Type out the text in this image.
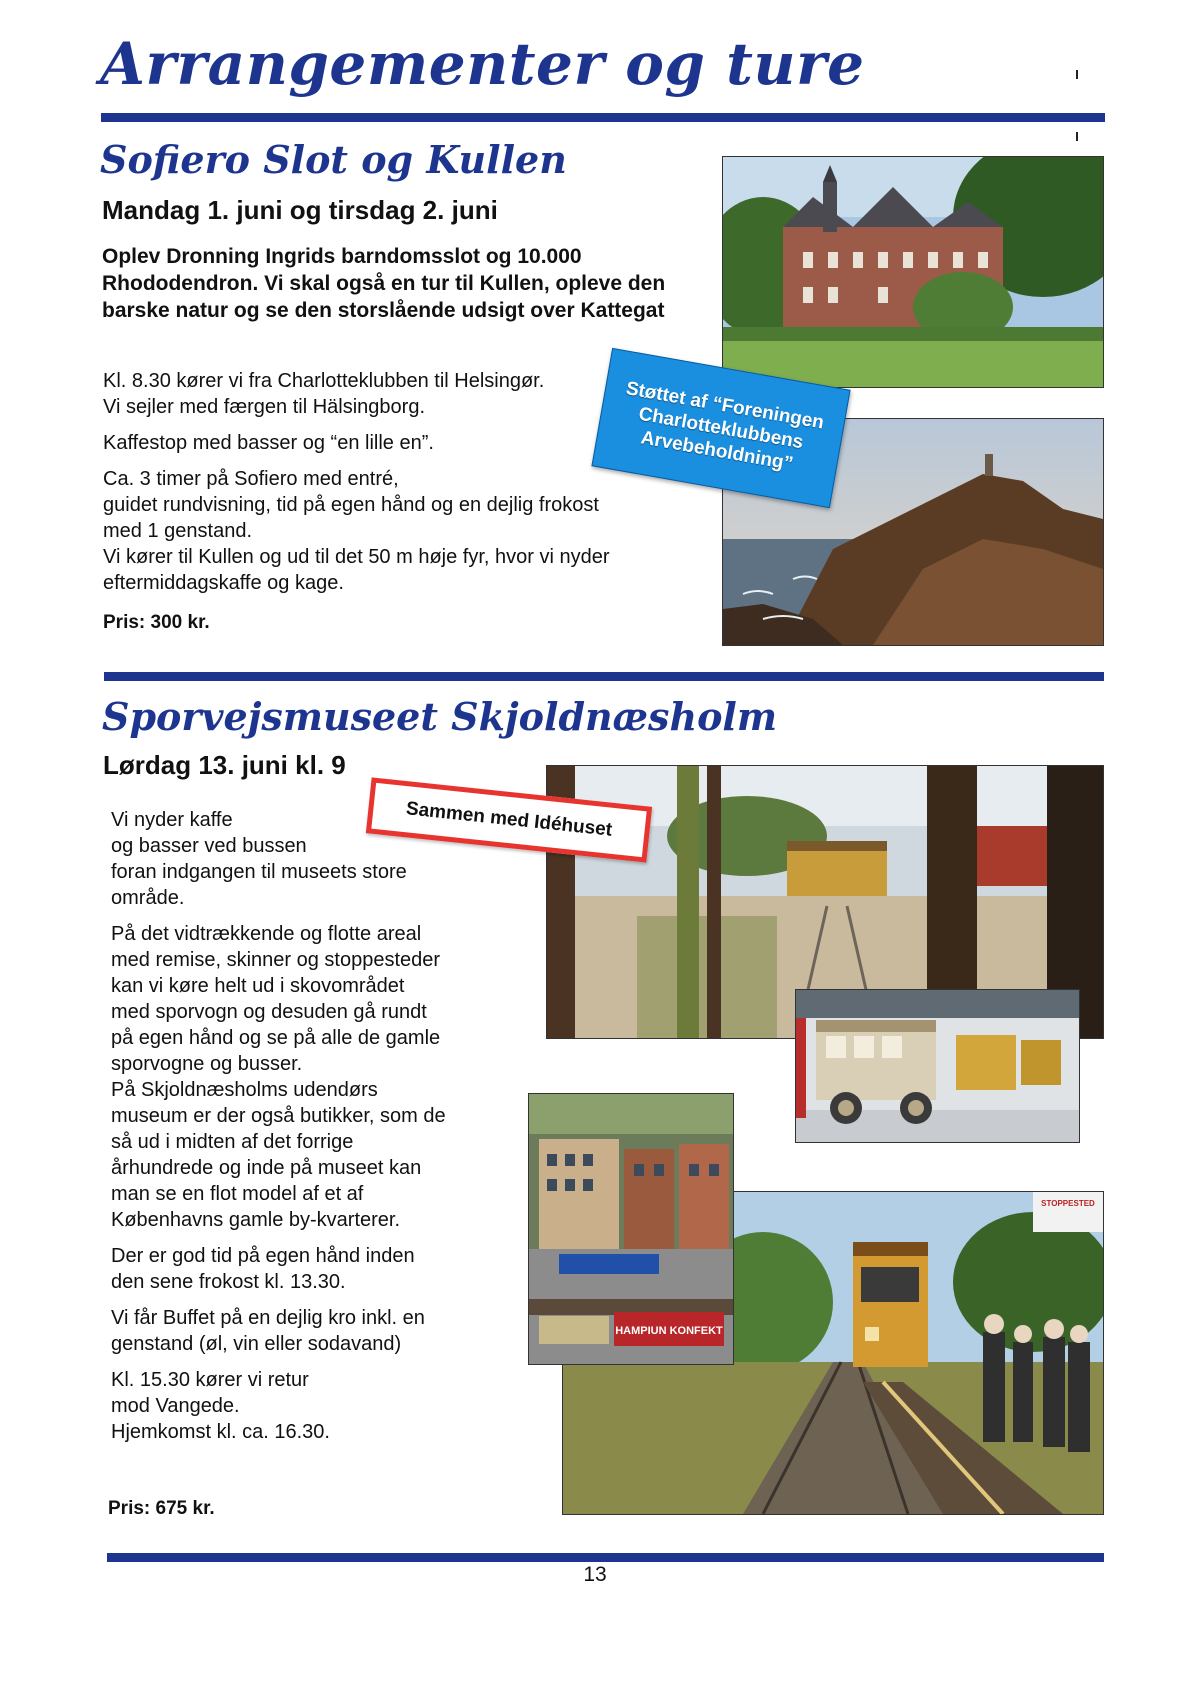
Arrangementer og ture
Sofiero Slot og Kullen

Mandag 1. juni og tirsdag 2. juni

Oplev Dronning Ingrids barndomsslot og 10.000 Rhododendron. Vi skal også en tur til Kullen, opleve den barske natur og se den storslående udsigt over Kattegat

Kl. 8.30 kører vi fra Charlotteklubben til Helsingør.
Vi sejler med færgen til Hälsingborg.
Kaffestop med basser og “en lille en”.
Ca. 3 timer på Sofiero med entré,
guidet rundvisning, tid på egen hånd og en dejlig frokost
med 1 genstand.
Vi kører til Kullen og ud til det 50 m høje fyr, hvor vi nyder
eftermiddagskaffe og kage.

Pris: 300 kr.

Støttet af “Foreningen Charlotteklubbens Arvebeholdning”
Sporvejsmuseet Skjoldnæsholm

Lørdag 13. juni kl. 9

Vi nyder kaffe
og basser ved bussen
foran indgangen til museets store
område.
På det vidtrækkende og flotte areal
med remise, skinner og stoppesteder
kan vi køre helt ud i skovområdet
med sporvogn og desuden gå rundt
på egen hånd og se på alle de gamle
sporvogne og busser.
På Skjoldnæsholms udendørs
museum er der også butikker, som de
så ud i midten af det forrige
århundrede og inde på museet kan
man se en flot model af et af
Københavns gamle by-kvarterer.
Der er god tid på egen hånd inden
den sene frokost kl. 13.30.
Vi får Buffet på en dejlig kro inkl. en
genstand (øl, vin eller sodavand)
Kl. 15.30 kører vi retur
mod Vangede.
Hjemkomst kl. ca. 16.30.

Pris: 675 kr.

Sammen med Idéhuset
HAMPIUN KONFEKT
STOPPESTED

13
